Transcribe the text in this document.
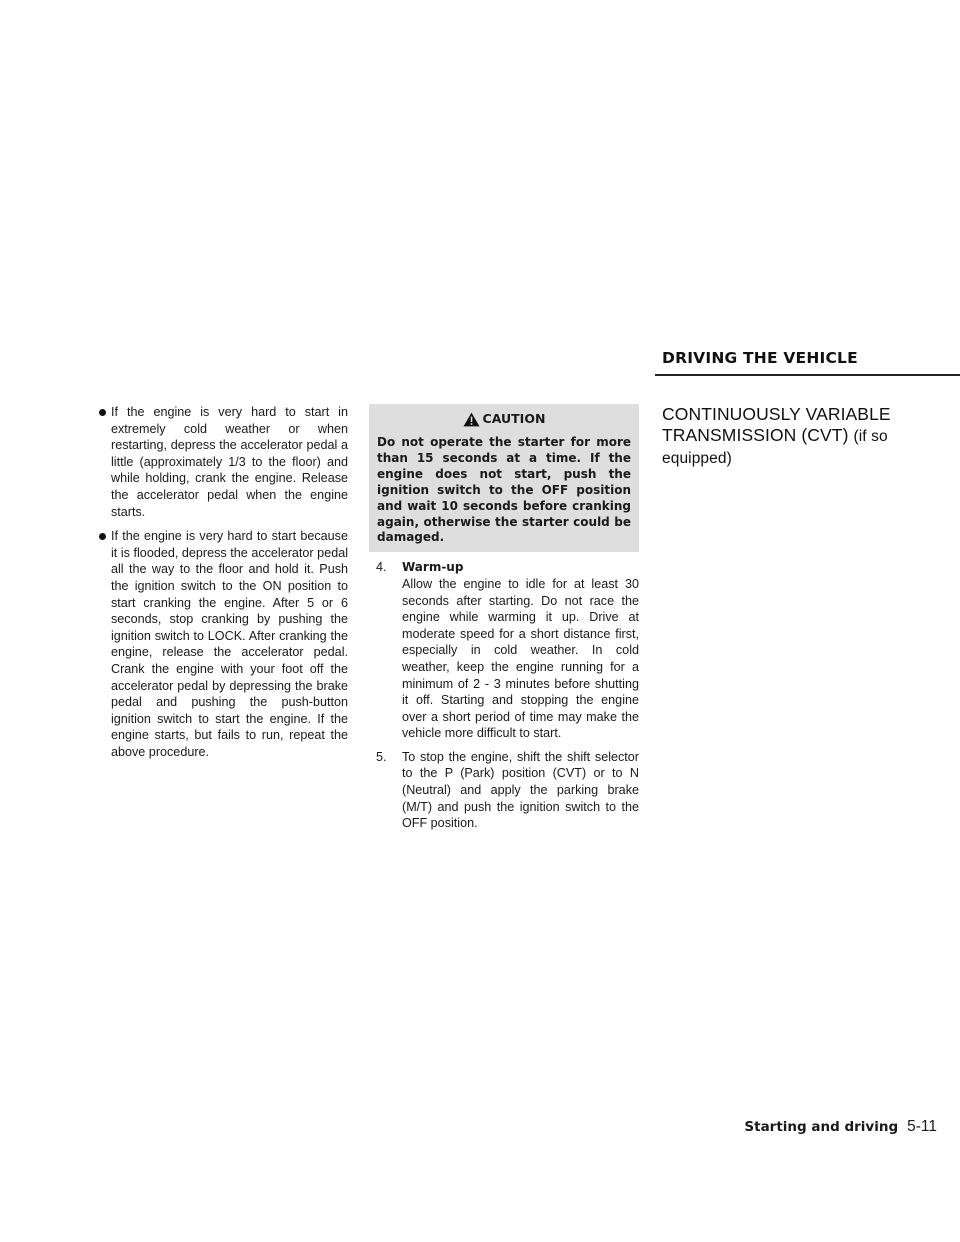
DRIVING THE VEHICLE
If the engine is very hard to start in extremely cold weather or when restarting, depress the accelerator pedal a little (approximately 1/3 to the floor) and while holding, crank the engine. Release the accelerator pedal when the engine starts.
If the engine is very hard to start because it is flooded, depress the accelerator pedal all the way to the floor and hold it. Push the ignition switch to the ON position to start cranking the engine. After 5 or 6 seconds, stop cranking by pushing the ignition switch to LOCK. After cranking the engine, release the accelerator pedal. Crank the engine with your foot off the accelerator pedal by depressing the brake pedal and pushing the push-button ignition switch to start the engine. If the engine starts, but fails to run, repeat the above procedure.
CAUTION
Do not operate the starter for more than 15 seconds at a time. If the engine does not start, push the ignition switch to the OFF position and wait 10 seconds before cranking again, otherwise the starter could be damaged.
4.	Warm-up
Allow the engine to idle for at least 30 seconds after starting. Do not race the engine while warming it up. Drive at moderate speed for a short distance first, especially in cold weather. In cold weather, keep the engine running for a minimum of 2 - 3 minutes before shutting it off. Starting and stopping the engine over a short period of time may make the vehicle more difficult to start.
5.	To stop the engine, shift the shift selector to the P (Park) position (CVT) or to N (Neutral) and apply the parking brake (M/T) and push the ignition switch to the OFF position.
CONTINUOUSLY VARIABLE TRANSMISSION (CVT) (if so equipped)
Starting and driving 5-11
